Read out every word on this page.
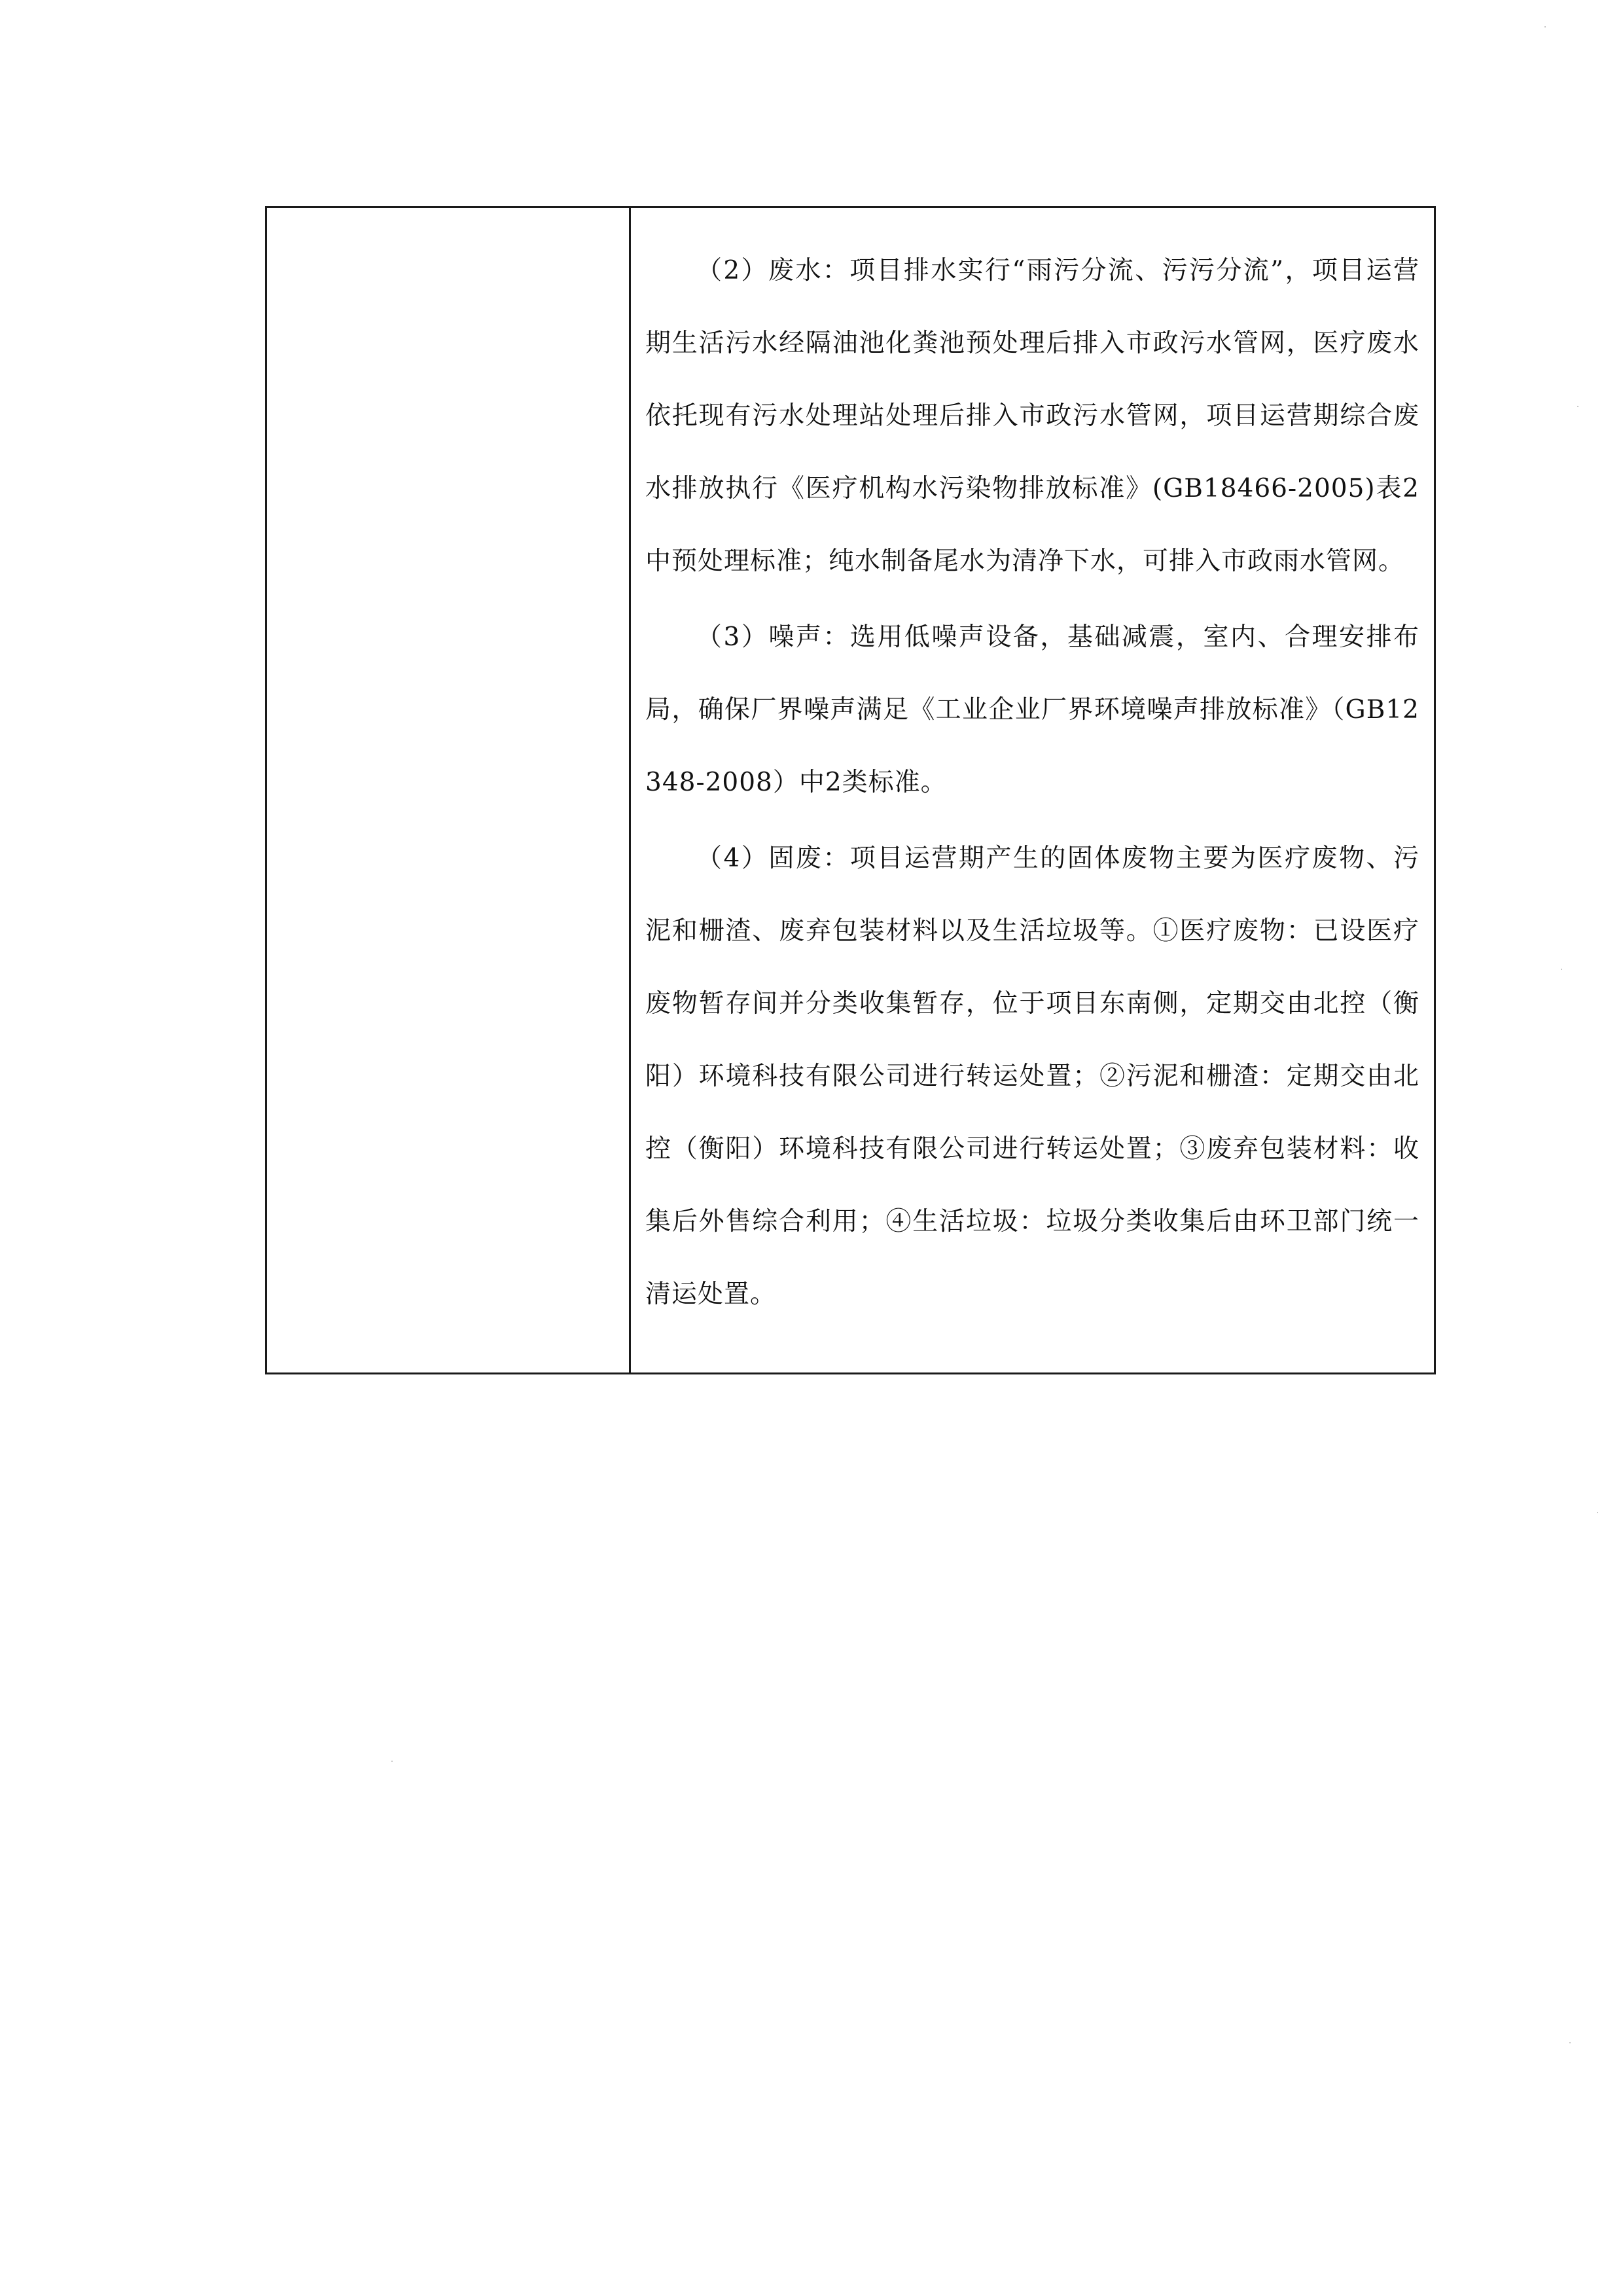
（2）废水：项目排水实行“雨污分流、污污分流”，项目运营期生活污水经隔油池化粪池预处理后排入市政污水管网，医疗废水依托现有污水处理站处理后排入市政污水管网，项目运营期综合废水排放执行《医疗机构水污染物排放标准》(GB18466-2005)表2中预处理标准；纯水制备尾水为清净下水，可排入市政雨水管网。

（3）噪声：选用低噪声设备，基础减震，室内、合理安排布局，确保厂界噪声满足《工业企业厂界环境噪声排放标准》（GB12348-2008）中2类标准。

（4）固废：项目运营期产生的固体废物主要为医疗废物、污泥和栅渣、废弃包装材料以及生活垃圾等。①医疗废物：已设医疗废物暂存间并分类收集暂存，位于项目东南侧，定期交由北控（衡阳）环境科技有限公司进行转运处置；②污泥和栅渣：定期交由北控（衡阳）环境科技有限公司进行转运处置；③废弃包装材料：收集后外售综合利用；④生活垃圾：垃圾分类收集后由环卫部门统一清运处置。
